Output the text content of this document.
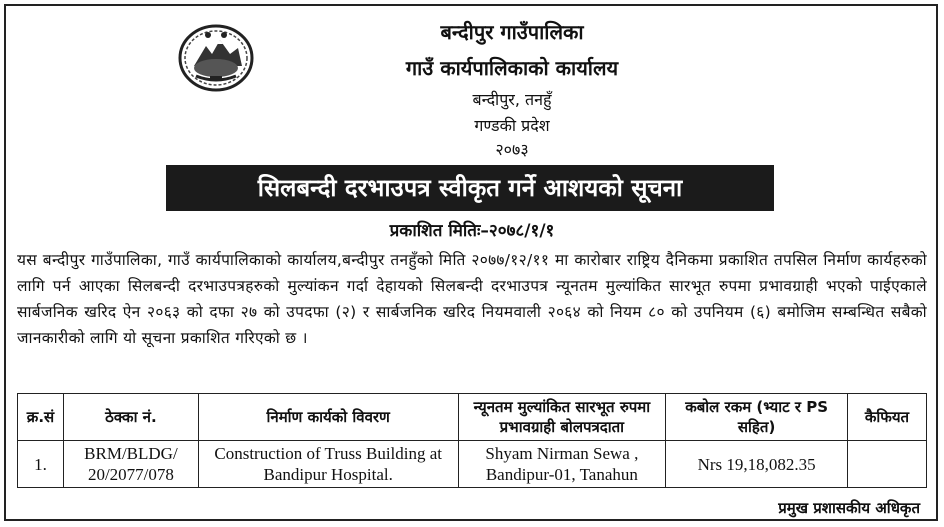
बन्दीपुर गाउँपालिका
गाउँ कार्यपालिकाको कार्यालय
बन्दीपुर, तनहुँ
गण्डकी प्रदेश
२०७३
सिलबन्दी दरभाउपत्र स्वीकृत गर्ने आशयको सूचना
प्रकाशित मितिः–२०७८/१/१
यस बन्दीपुर गाउँपालिका, गाउँ कार्यपालिकाको कार्यालय,बन्दीपुर तनहुँको मिति २०७७/१२/११ मा कारोबार राष्ट्रिय दैनिकमा प्रकाशित तपसिल निर्माण कार्यहरुको लागि पर्न आएका सिलबन्दी दरभाउपत्रहरुको मुल्यांकन गर्दा देहायको सिलबन्दी दरभाउपत्र न्यूनतम मुल्यांकित सारभूत रुपमा प्रभावग्राही भएको पाईएकाले सार्बजनिक खरिद ऐन २०६३ को दफा २७ को उपदफा (२) र सार्बजनिक खरिद नियमवाली २०६४ को नियम ८० को उपनियम (६) बमोजिम सम्बन्धित सबैको जानकारीको लागि यो सूचना प्रकाशित गरिएको छ ।
क्र.सं	ठेक्का नं.	निर्माण कार्यको विवरण	न्यूनतम मुल्यांकित सारभूत रुपमा प्रभावग्राही बोलपत्रदाता	कबोल रकम (भ्याट र PS सहित)	कैफियत
1.	BRM/BLDG/ 20/2077/078	Construction of Truss Building at Bandipur Hospital.	Shyam Nirman Sewa , Bandipur-01, Tanahun	Nrs 19,18,082.35	
प्रमुख प्रशासकीय अधिकृत
